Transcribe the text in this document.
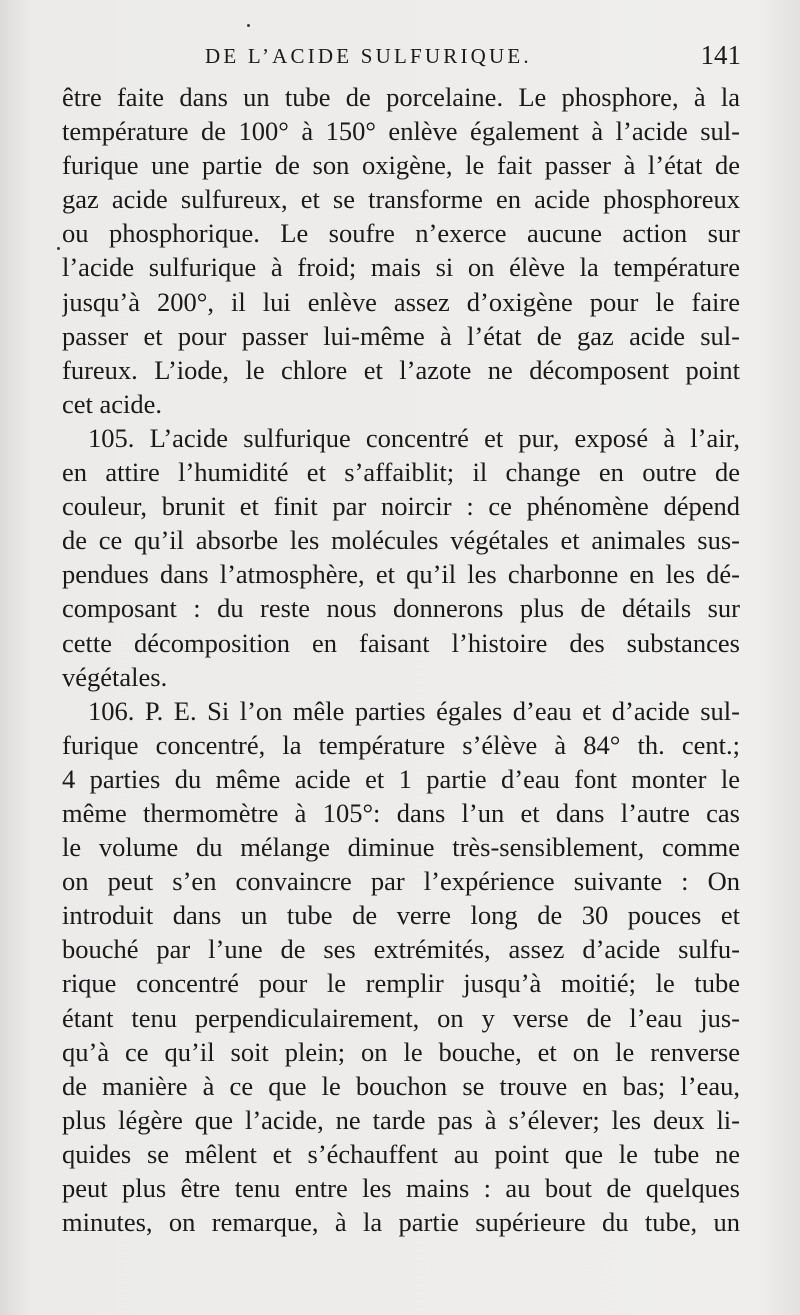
DE L’ACIDE SULFURIQUE.	141
être faite dans un tube de porcelaine. Le phosphore, à la
température de 100° à 150° enlève également à l’acide sul-
furique une partie de son oxigène, le fait passer à l’état de
gaz acide sulfureux, et se transforme en acide phosphoreux
ou phosphorique. Le soufre n’exerce aucune action sur
l’acide sulfurique à froid; mais si on élève la température
jusqu’à 200°, il lui enlève assez d’oxigène pour le faire
passer et pour passer lui-même à l’état de gaz acide sul-
fureux. L’iode, le chlore et l’azote ne décomposent point
cet acide.
105. L’acide sulfurique concentré et pur, exposé à l’air,
en attire l’humidité et s’affaiblit; il change en outre de
couleur, brunit et finit par noircir : ce phénomène dépend
de ce qu’il absorbe les molécules végétales et animales sus-
pendues dans l’atmosphère, et qu’il les charbonne en les dé-
composant : du reste nous donnerons plus de détails sur
cette décomposition en faisant l’histoire des substances
végétales.
106. P. E. Si l’on mêle parties égales d’eau et d’acide sul-
furique concentré, la température s’élève à 84° th. cent.;
4 parties du même acide et 1 partie d’eau font monter le
même thermomètre à 105°: dans l’un et dans l’autre cas
le volume du mélange diminue très-sensiblement, comme
on peut s’en convaincre par l’expérience suivante : On
introduit dans un tube de verre long de 30 pouces et
bouché par l’une de ses extrémités, assez d’acide sulfu-
rique concentré pour le remplir jusqu’à moitié; le tube
étant tenu perpendiculairement, on y verse de l’eau jus-
qu’à ce qu’il soit plein; on le bouche, et on le renverse
de manière à ce que le bouchon se trouve en bas; l’eau,
plus légère que l’acide, ne tarde pas à s’élever; les deux li-
quides se mêlent et s’échauffent au point que le tube ne
peut plus être tenu entre les mains : au bout de quelques
minutes, on remarque, à la partie supérieure du tube, un
